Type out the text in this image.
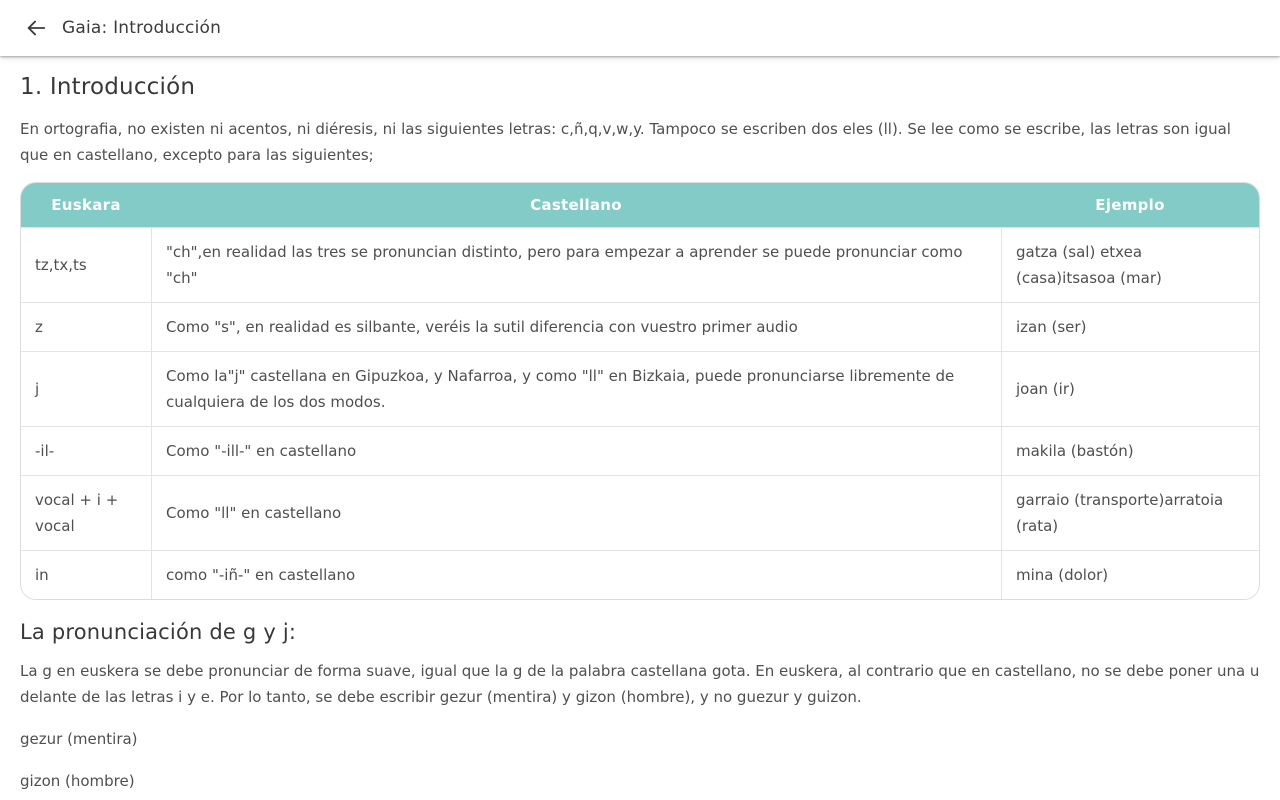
Gaia: Introducción
1. Introducción

En ortografia, no existen ni acentos, ni diéresis, ni las siguientes letras: c,ñ,q,v,w,y. Tampoco se escriben dos eles (ll). Se lee como se escribe, las letras son igual que en castellano, excepto para las siguientes;

Euskara	Castellano	Ejemplo
tz,tx,ts	"ch",en realidad las tres se pronuncian distinto, pero para empezar a aprender se puede pronunciar como "ch"	gatza (sal) etxea (casa)itsasoa (mar)
z	Como "s", en realidad es silbante, veréis la sutil diferencia con vuestro primer audio	izan (ser)
j	Como la"j" castellana en Gipuzkoa, y Nafarroa, y como "ll" en Bizkaia, puede pronunciarse libremente de cualquiera de los dos modos.	joan (ir)
-il-	Como "-ill-" en castellano	makila (bastón)
vocal + i + vocal	Como "ll" en castellano	garraio (transporte)arratoia (rata)
in	como "-iñ-" en castellano	mina (dolor)
La pronunciación de g y j:

La g en euskera se debe pronunciar de forma suave, igual que la g de la palabra castellana gota. En euskera, al contrario que en castellano, no se debe poner una u delante de las letras i y e. Por lo tanto, se debe escribir gezur (mentira) y gizon (hombre), y no guezur y guizon.

gezur (mentira)

gizon (hombre)
